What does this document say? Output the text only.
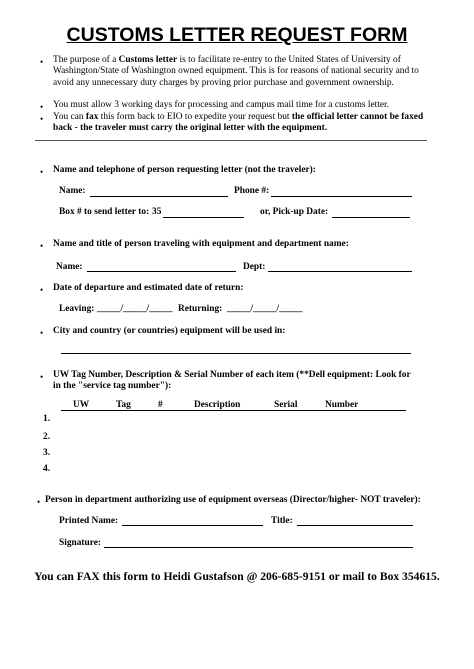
CUSTOMS LETTER REQUEST FORM
• The purpose of a Customs letter is to facilitate re-entry to the United States of University of Washington/State of Washington owned equipment. This is for reasons of national security and to avoid any unnecessary duty charges by proving prior purchase and government ownership.
• You must allow 3 working days for processing and campus mail time for a customs letter.
• You can fax this form back to EIO to expedite your request but the official letter cannot be faxed back - the traveler must carry the original letter with the equipment.
• Name and telephone of person requesting letter (not the traveler):
Name:	Phone #:
Box # to send letter to: 35	or, Pick-up Date:
• Name and title of person traveling with equipment and department name:
Name:	Dept:
• Date of departure and estimated date of return:
Leaving: _____/_____/_____ Returning: _____/_____/_____
• City and country (or countries) equipment will be used in:
• UW Tag Number, Description & Serial Number of each item (**Dell equipment: Look for
in the "service tag number"):
UW	Tag	#	Description	Serial	Number
1.
2.
3.
4.
• Person in department authorizing use of equipment overseas (Director/higher- NOT traveler):
Printed Name:	Title:
Signature:
You can FAX this form to Heidi Gustafson @ 206-685-9151 or mail to Box 354615.
